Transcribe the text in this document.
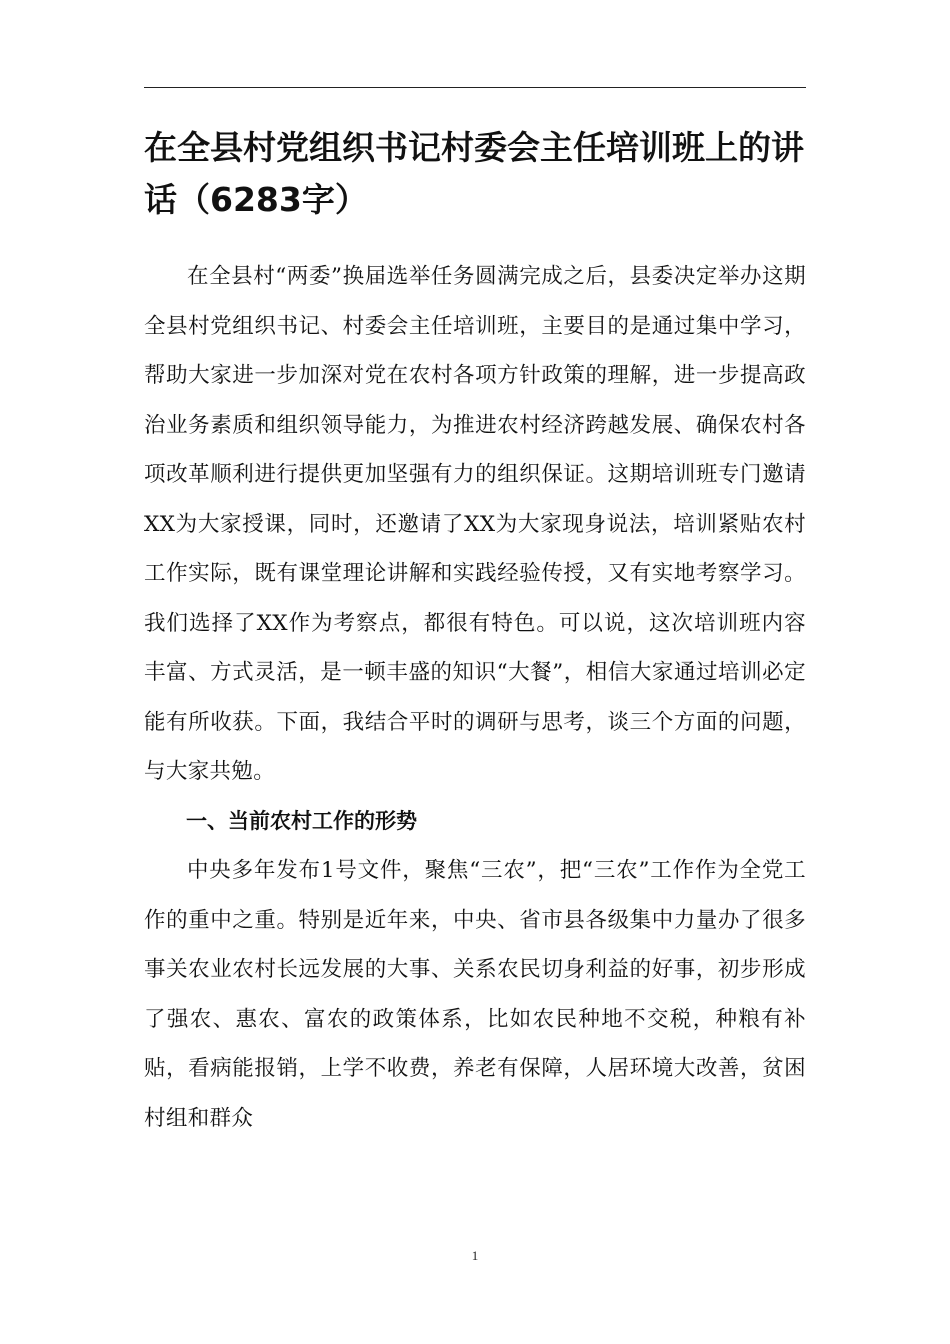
在全县村党组织书记村委会主任培训班上的讲话（6283字）

在全县村“两委”换届选举任务圆满完成之后，县委决定举办这期全县村党组织书记、村委会主任培训班，主要目的是通过集中学习，帮助大家进一步加深对党在农村各项方针政策的理解，进一步提高政治业务素质和组织领导能力，为推进农村经济跨越发展、确保农村各项改革顺利进行提供更加坚强有力的组织保证。这期培训班专门邀请XX为大家授课，同时，还邀请了XX为大家现身说法，培训紧贴农村工作实际，既有课堂理论讲解和实践经验传授，又有实地考察学习。我们选择了XX作为考察点，都很有特色。可以说，这次培训班内容丰富、方式灵活，是一顿丰盛的知识“大餐”，相信大家通过培训必定能有所收获。下面，我结合平时的调研与思考，谈三个方面的问题，与大家共勉。

一、当前农村工作的形势

中央多年发布1号文件，聚焦“三农”，把“三农”工作作为全党工作的重中之重。特别是近年来，中央、省市县各级集中力量办了很多事关农业农村长远发展的大事、关系农民切身利益的好事，初步形成了强农、惠农、富农的政策体系，比如农民种地不交税，种粮有补贴，看病能报销，上学不收费，养老有保障，人居环境大改善，贫困村组和群众

1
